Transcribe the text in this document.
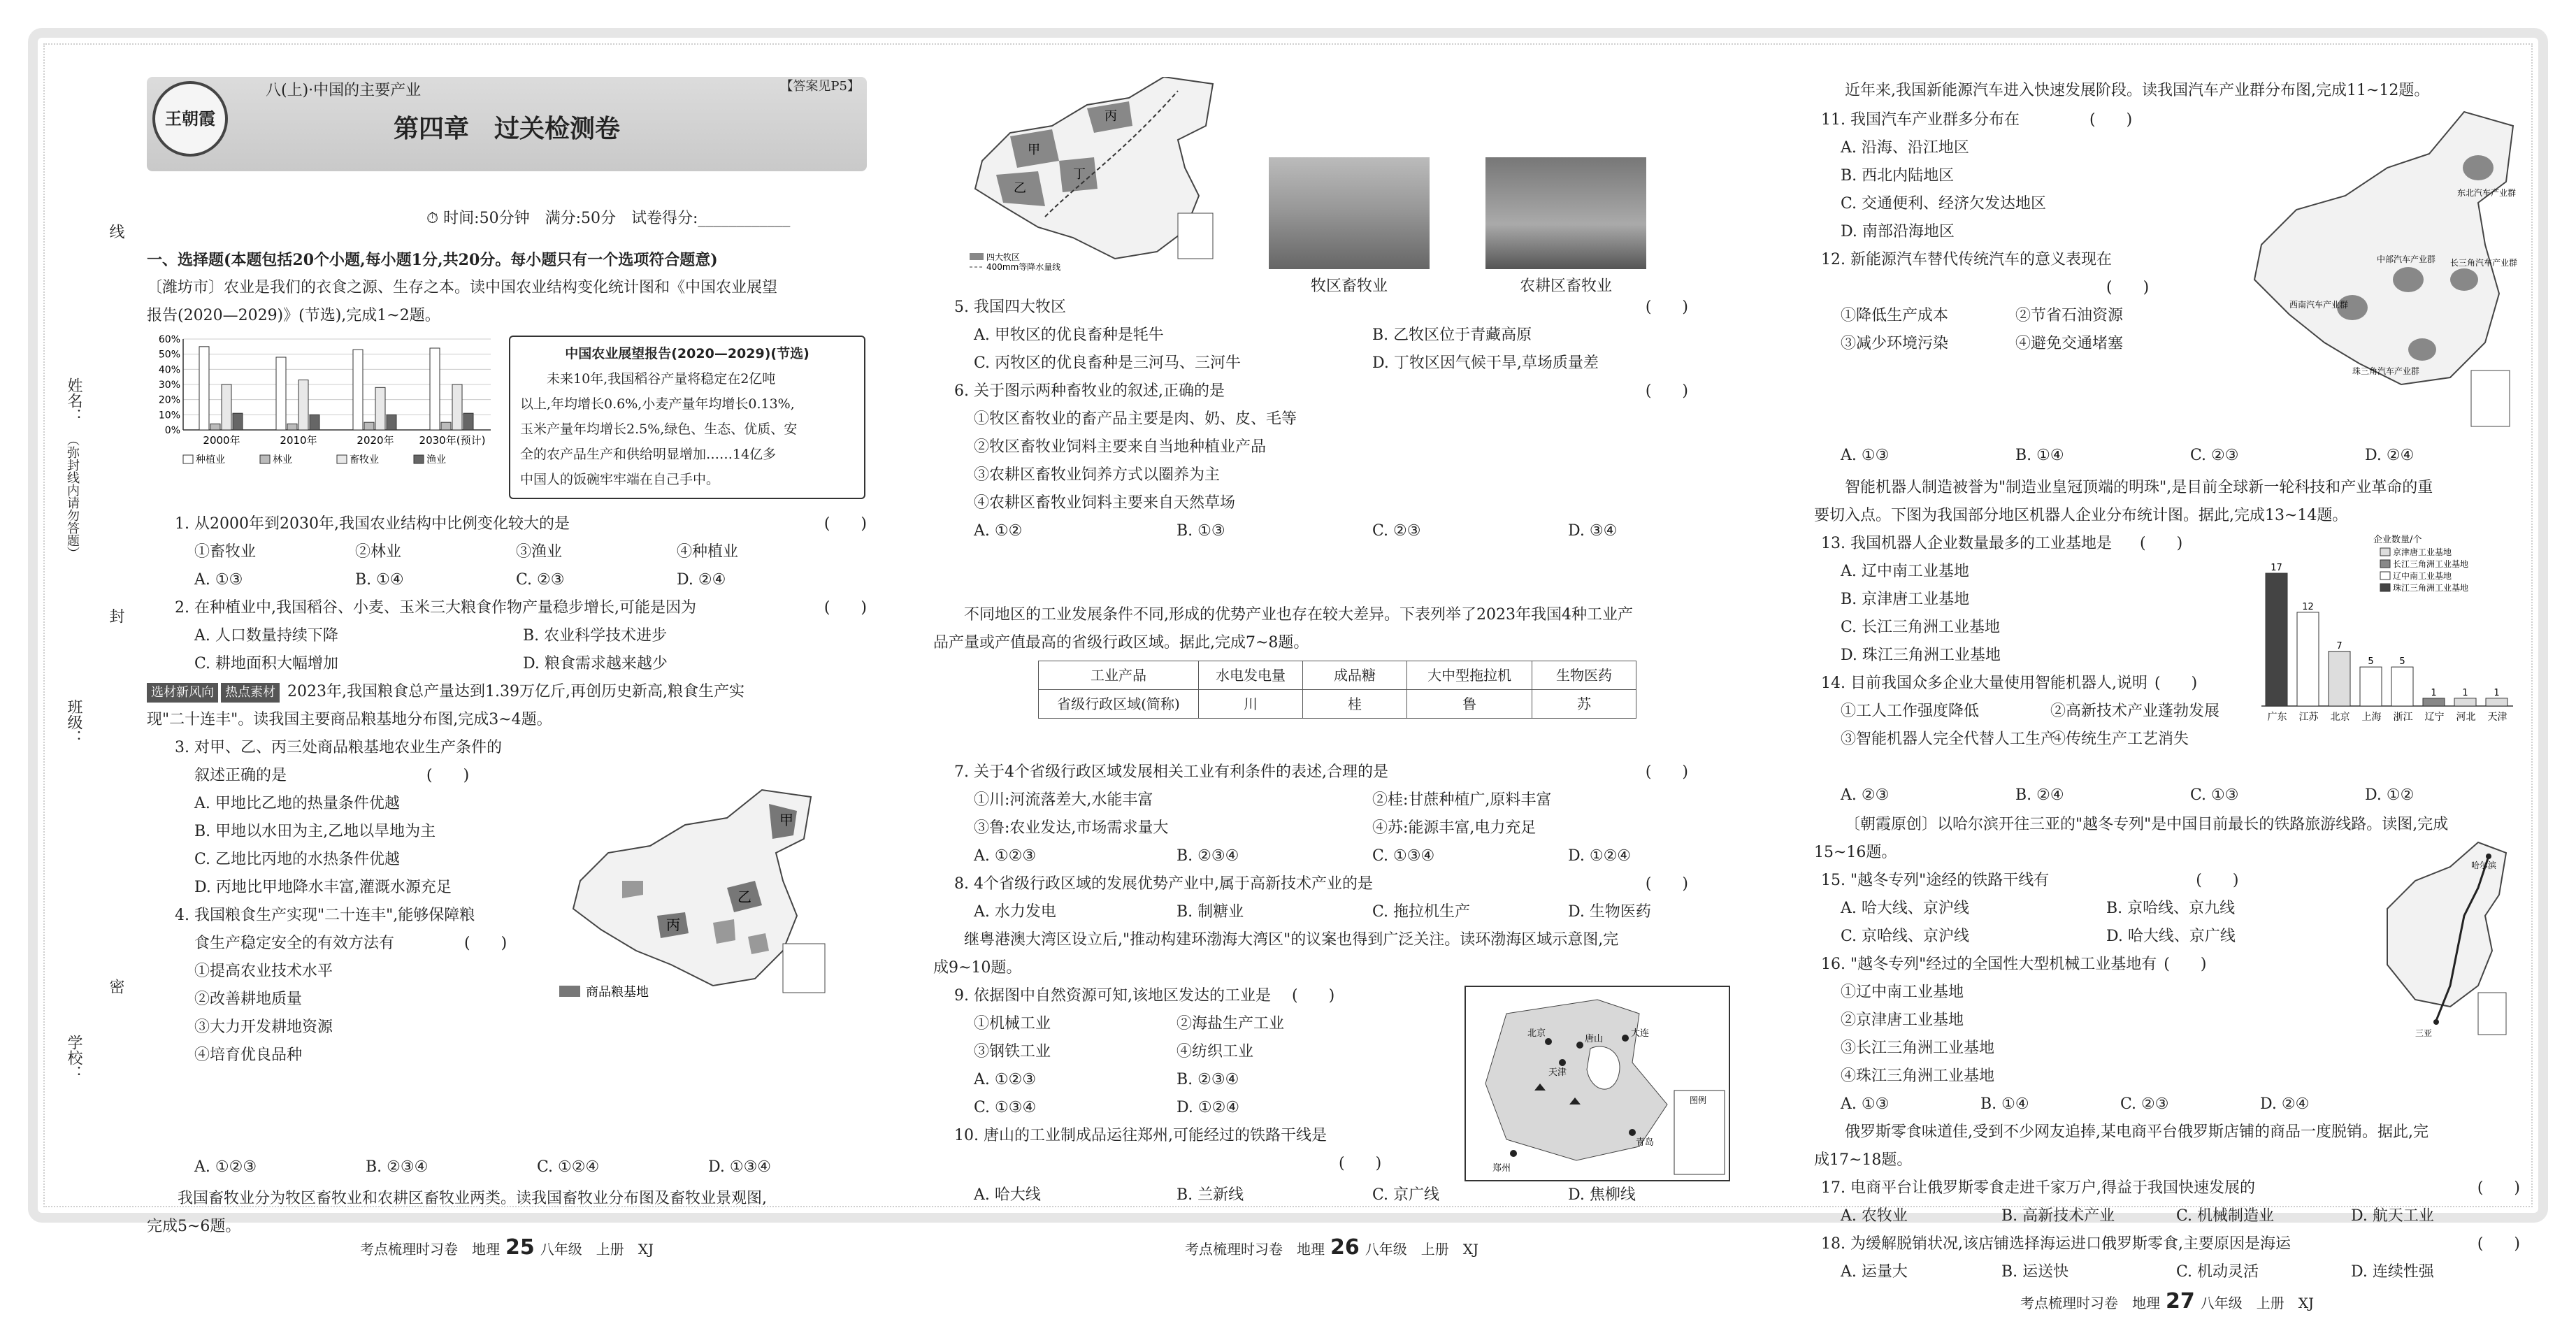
姓名：
（弥封线内请勿答题）
线
封
密
班级：
学校：
王朝霞
八(上)·中国的主要产业	【答案见P5】
第四章　过关检测卷
⏱ 时间:50分钟　满分:50分　试卷得分:____________
一、选择题(本题包括20个小题,每小题1分,共20分。每小题只有一个选项符合题意)
〔潍坊市〕农业是我们的衣食之源、生存之本。读中国农业结构变化统计图和《中国农业展望
报告(2020—2029)》(节选),完成1~2题。
60%
50%
40%
30%
20%
10%
0%
2000年	2010年	2020年 2030年(预计)
种植业	林业	畜牧业	渔业
中国农业展望报告(2020—2029)(节选)
未来10年,我国稻谷产量将稳定在2亿吨
以上,年均增长0.6%,小麦产量年均增长0.13%,
玉米产量年均增长2.5%,绿色、生态、优质、安
全的农产品生产和供给明显增加……14亿多
中国人的饭碗牢牢端在自己手中。
1. 从2000年到2030年,我国农业结构中比例变化较大的是	(　　)
①畜牧业	②林业	③渔业	④种植业
A. ①③	B. ①④	C. ②③	D. ②④
2. 在种植业中,我国稻谷、小麦、玉米三大粮食作物产量稳步增长,可能是因为	(　　)
A. 人口数量持续下降	B. 农业科学技术进步
C. 耕地面积大幅增加	D. 粮食需求越来越少
选材新风向 热点素材 2023年,我国粮食总产量达到1.39万亿斤,再创历史新高,粮食生产实
现"二十连丰"。读我国主要商品粮基地分布图,完成3~4题。
3. 对甲、乙、丙三处商品粮基地农业生产条件的
叙述正确的是	(　　)
A. 甲地比乙地的热量条件优越
B. 甲地以水田为主,乙地以旱地为主
C. 乙地比丙地的水热条件优越
D. 丙地比甲地降水丰富,灌溉水源充足
4. 我国粮食生产实现"二十连丰",能够保障粮
食生产稳定安全的有效方法有	(　　)
①提高农业技术水平
②改善耕地质量
③大力开发耕地资源
④培育优良品种
A. ①②③	B. ②③④	C. ①②④	D. ①③④
甲
乙
丙
商品粮基地
我国畜牧业分为牧区畜牧业和农耕区畜牧业两类。读我国畜牧业分布图及畜牧业景观图,
完成5~6题。
考点梳理时习卷　地理 25 八年级　上册　XJ
甲
乙
丙
丁
四大牧区
400mm等降水量线
牧区畜牧业	农耕区畜牧业
5. 我国四大牧区	(　　)
A. 甲牧区的优良畜种是牦牛	B. 乙牧区位于青藏高原
C. 丙牧区的优良畜种是三河马、三河牛	D. 丁牧区因气候干旱,草场质量差
6. 关于图示两种畜牧业的叙述,正确的是	(　　)
①牧区畜牧业的畜产品主要是肉、奶、皮、毛等
②牧区畜牧业饲料主要来自当地种植业产品
③农耕区畜牧业饲养方式以圈养为主
④农耕区畜牧业饲料主要来自天然草场
A. ①②	B. ①③	C. ②③	D. ③④
不同地区的工业发展条件不同,形成的优势产业也存在较大差异。下表列举了2023年我国4种工业产
品产量或产值最高的省级行政区域。据此,完成7~8题。
工业产品	水电发电量	成品糖	大中型拖拉机	生物医药
省级行政区域(简称)	川	桂	鲁	苏
7. 关于4个省级行政区域发展相关工业有利条件的表述,合理的是	(　　)
①川:河流落差大,水能丰富	②桂:甘蔗种植广,原料丰富
③鲁:农业发达,市场需求量大	④苏:能源丰富,电力充足
A. ①②③	B. ②③④	C. ①③④	D. ①②④
8. 4个省级行政区域的发展优势产业中,属于高新技术产业的是	(　　)
A. 水力发电	B. 制糖业	C. 拖拉机生产	D. 生物医药
继粤港澳大湾区设立后,"推动构建环渤海大湾区"的议案也得到广泛关注。读环渤海区域示意图,完
成9~10题。
9. 依据图中自然资源可知,该地区发达的工业是 (　　)
①机械工业	②海盐生产工业
③钢铁工业	④纺织工业
A. ①②③	B. ②③④
C. ①③④	D. ①②④
10. 唐山的工业制成品运往郑州,可能经过的铁路干线是
(　　)
A. 哈大线	B. 兰新线	C. 京广线	D. 焦柳线
北京
天津
唐山
大连
郑州
青岛
图例
考点梳理时习卷　地理 26 八年级　上册　XJ
近年来,我国新能源汽车进入快速发展阶段。读我国汽车产业群分布图,完成11~12题。
11. 我国汽车产业群多分布在	(　　)
A. 沿海、沿江地区
B. 西北内陆地区
C. 交通便利、经济欠发达地区
D. 南部沿海地区
12. 新能源汽车替代传统汽车的意义表现在
(　　)
①降低生产成本	②节省石油资源
③减少环境污染	④避免交通堵塞
A. ①③	B. ①④	C. ②③	D. ②④
东北汽车产业群
中部汽车产业群
西南汽车产业群
长三角汽车产业群
珠三角汽车产业群
智能机器人制造被誉为"制造业皇冠顶端的明珠",是目前全球新一轮科技和产业革命的重
要切入点。下图为我国部分地区机器人企业分布统计图。据此,完成13~14题。
13. 我国机器人企业数量最多的工业基地是 (　　)
A. 辽中南工业基地
B. 京津唐工业基地
C. 长江三角洲工业基地
D. 珠江三角洲工业基地
14. 目前我国众多企业大量使用智能机器人,说明 (　　)
①工人工作强度降低	②高新技术产业蓬勃发展
③智能机器人完全代替人工生产④传统生产工艺消失
A. ②③	B. ②④	C. ①③	D. ①②
企业数量/个
京津唐工业基地
长江三角洲工业基地
辽中南工业基地
珠江三角洲工业基地
17
广东
12
江苏
7
北京
5
上海
5
浙江
1
辽宁
1
河北
1
天津
〔朝霞原创〕以哈尔滨开往三亚的"越冬专列"是中国目前最长的铁路旅游线路。读图,完成
15~16题。
15. "越冬专列"途经的铁路干线有	(　　)
A. 哈大线、京沪线	B. 京哈线、京九线
C. 京哈线、京沪线	D. 哈大线、京广线
16. "越冬专列"经过的全国性大型机械工业基地有 (　　)
①辽中南工业基地
②京津唐工业基地
③长江三角洲工业基地
④珠江三角洲工业基地
A. ①③	B. ①④	C. ②③	D. ②④
哈尔滨
三亚
俄罗斯零食味道佳,受到不少网友追捧,某电商平台俄罗斯店铺的商品一度脱销。据此,完
成17~18题。
17. 电商平台让俄罗斯零食走进千家万户,得益于我国快速发展的	(　　)
A. 农牧业	B. 高新技术产业	C. 机械制造业	D. 航天工业
18. 为缓解脱销状况,该店铺选择海运进口俄罗斯零食,主要原因是海运	(　　)
A. 运量大	B. 运送快	C. 机动灵活	D. 连续性强
考点梳理时习卷　地理 27 八年级　上册　XJ
